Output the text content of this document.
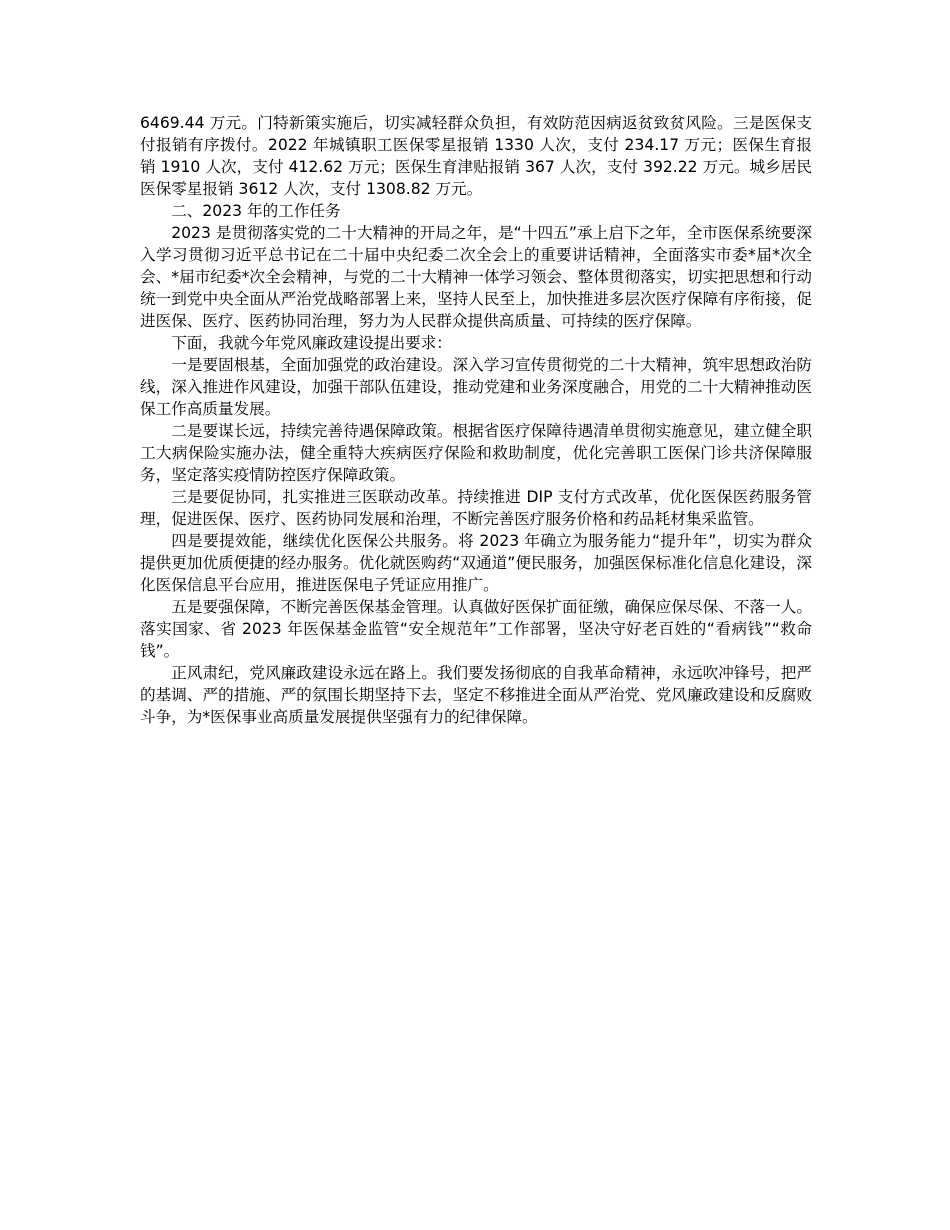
6469.44 万元。门特新策实施后，切实减轻群众负担，有效防范因病返贫致贫风险。三是医保支付报销有序拨付。2022 年城镇职工医保零星报销 1330 人次，支付 234.17 万元；医保生育报销 1910 人次，支付 412.62 万元；医保生育津贴报销 367 人次，支付 392.22 万元。城乡居民医保零星报销 3612 人次，支付 1308.82 万元。

二、2023 年的工作任务

2023 是贯彻落实党的二十大精神的开局之年，是“十四五”承上启下之年，全市医保系统要深入学习贯彻习近平总书记在二十届中央纪委二次全会上的重要讲话精神，全面落实市委*届*次全会、*届市纪委*次全会精神，与党的二十大精神一体学习领会、整体贯彻落实，切实把思想和行动统一到党中央全面从严治党战略部署上来，坚持人民至上，加快推进多层次医疗保障有序衔接，促进医保、医疗、医药协同治理，努力为人民群众提供高质量、可持续的医疗保障。

下面，我就今年党风廉政建设提出要求：

一是要固根基，全面加强党的政治建设。深入学习宣传贯彻党的二十大精神，筑牢思想政治防线，深入推进作风建设，加强干部队伍建设，推动党建和业务深度融合，用党的二十大精神推动医保工作高质量发展。

二是要谋长远，持续完善待遇保障政策。根据省医疗保障待遇清单贯彻实施意见，建立健全职工大病保险实施办法，健全重特大疾病医疗保险和救助制度，优化完善职工医保门诊共济保障服务，坚定落实疫情防控医疗保障政策。

三是要促协同，扎实推进三医联动改革。持续推进 DIP 支付方式改革，优化医保医药服务管理，促进医保、医疗、医药协同发展和治理，不断完善医疗服务价格和药品耗材集采监管。

四是要提效能，继续优化医保公共服务。将 2023 年确立为服务能力“提升年”，切实为群众提供更加优质便捷的经办服务。优化就医购药“双通道”便民服务，加强医保标准化信息化建设，深化医保信息平台应用，推进医保电子凭证应用推广。

五是要强保障，不断完善医保基金管理。认真做好医保扩面征缴，确保应保尽保、不落一人。落实国家、省 2023 年医保基金监管“安全规范年”工作部署，坚决守好老百姓的“看病钱”“救命钱”。

正风肃纪，党风廉政建设永远在路上。我们要发扬彻底的自我革命精神，永远吹冲锋号，把严的基调、严的措施、严的氛围长期坚持下去，坚定不移推进全面从严治党、党风廉政建设和反腐败斗争，为*医保事业高质量发展提供坚强有力的纪律保障。
